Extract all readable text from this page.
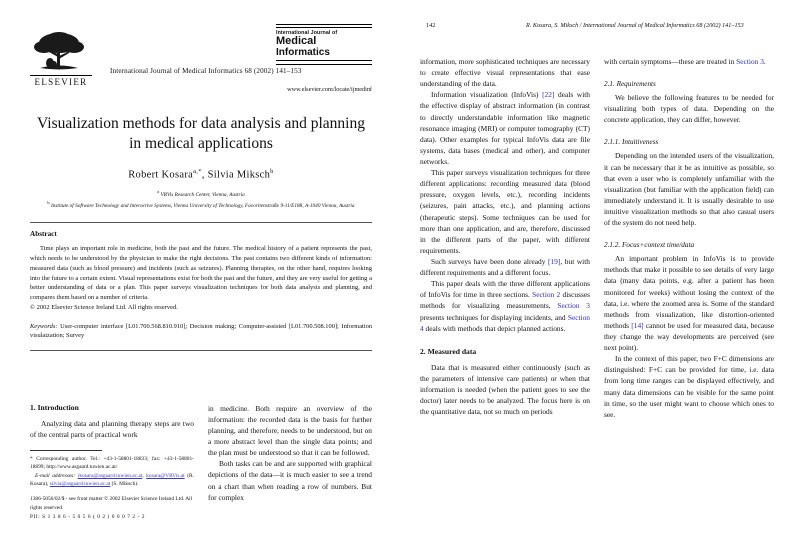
ELSEVIER
International Journal of Medical Informatics 68 (2002) 141–153
International Journal of
Medical
Informatics
www.elsevier.com/locate/ijmedinf
Visualization methods for data analysis and planning in medical applications
Robert Kosara$^{a,*}$, Silvia Miksch$^b$
$^a$ VRVis Research Center, Vienna, Austria
$^b$ Institute of Software Technology and Interactive Systems, Vienna University of Technology, Favoritenstraße 9-11/E188, A-1040 Vienna, Austria
Abstract
Time plays an important role in medicine, both the past and the future. The medical history of a patient represents the past, which needs to be understood by the physician to make the right decisions. The past contains two different kinds of information: measured data (such as blood pressure) and incidents (such as seizures). Planning therapies, on the other hand, requires looking into the future to a certain extent. Visual representations exist for both the past and the future, and they are very useful for getting a better understanding of data or a plan. This paper surveys visualization techniques for both data analysis and planning, and compares them based on a number of criteria.
© 2002 Elsevier Science Ireland Ltd. All rights reserved.
Keywords: User-computer interface [L01.700.568.810.910]; Decision making; Computer-assisted [L01.700.508.100]; Information visulaization; Survey
1. Introduction

Analyzing data and planning therapy steps are two of the central parts of practical work

* Corresponding author. Tel.: +43-1-58801-18833; fax: +43-1-58801-18899; http://www.asgaard.tuwien.ac.at/
E-mail addresses: rkosara@asgaard.tuwien.ac.at, kosara@VRVis.at (R. Kosara), silvia@asgaard.tuwien.ac.at (S. Miksch).
1386-5056/02/$ - see front matter © 2002 Elsevier Science Ireland Ltd. All rights reserved.
PII: S 1 3 8 6 - 5 0 5 6 ( 0 2 ) 0 0 0 7 2 - 2

in medicine. Both require an overview of the information: the recorded data is the basis for further planning, and therefore, needs to be understood, but on a more abstract level than the single data points; and the plan must be understood so that it can be followed.

Both tasks can be and are supported with graphical depictions of the data—it is much easier to see a trend on a chart than when reading a row of numbers. But for complex

142	R. Kosara, S. Miksch / International Journal of Medical Informatics 68 (2002) 141–153

information, more sophisticated techniques are necessary to create effective visual representations that ease understanding of the data.

Information visualization (InfoVis) [22] deals with the effective display of abstract information (in contrast to directly understandable information like magnetic resonance imaging (MRI) or computer tomography (CT) data). Other examples for typical InfoVis data are file systems, data bases (medical and other), and computer networks.

This paper surveys visualization techniques for three different applications: recording measured data (blood pressure, oxygen levels, etc.), recording incidents (seizures, pain attacks, etc.), and planning actions (therapeutic steps). Some techniques can be used for more than one application, and are, therefore, discussed in the different parts of the paper, with different requirements.

Such surveys have been done already [19], but with different requirements and a different focus.

This paper deals with the three different applications of InfoVis for time in three sections. Section 2 discusses methods for visualizing measurements, Section 3 presents techniques for displaying incidents, and Section 4 deals with methods that depict planned actions.

2. Measured data

Data that is measured either continuously (such as the parameters of intensive care patients) or when that information is needed (when the patient goes to see the doctor) later needs to be analyzed. The focus here is on the quantitative data, not so much on periods

with certain symptoms—these are treated in Section 3.

2.1. Requirements

We believe the following features to be needed for visualizing both types of data. Depending on the concrete application, they can differ, however.

2.1.1. Intuitiveness

Depending on the intended users of the visualization, it can be necessary that it be as intuitive as possible, so that even a user who is completely unfamiliar with the visualization (but familiar with the application field) can immediately understand it. It is usually desirable to use intuitive visualization methods so that also casual users of the system do not need help.

2.1.2. Focus+context time/data

An important problem in InfoVis is to provide methods that make it possible to see details of very large data (many data points, e.g. after a patient has been monitored for weeks) without losing the context of the data, i.e. where the zoomed area is. Some of the standard methods from visualization, like distortion-oriented methods [14] cannot be used for measured data, because they change the way developments are perceived (see next point).

In the context of this paper, two F+C dimensions are distinguished: F+C can be provided for time, i.e. data from long time ranges can be displayed effectively, and many data dimensions can be visible for the same point in time, so the user might want to choose which ones to see.
